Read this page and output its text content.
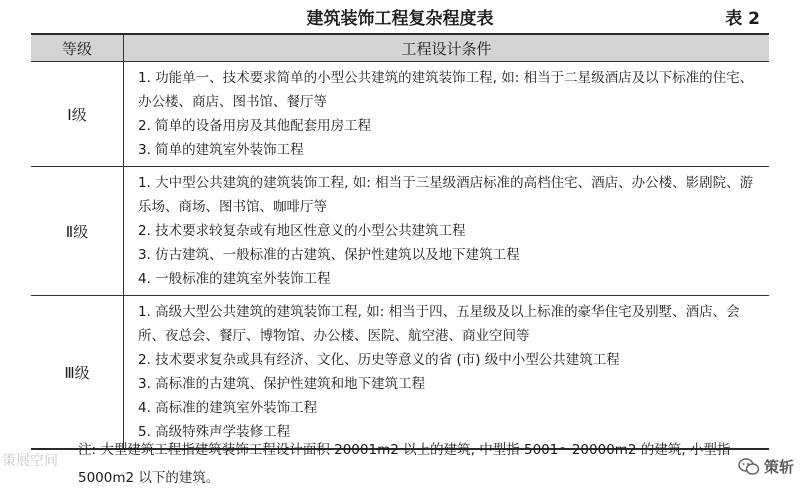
建筑装饰工程复杂程度表	表 2
等级	工程设计条件
Ⅰ级	1. 功能单一、技术要求简单的小型公共建筑的建筑装饰工程, 如: 相当于二星级酒店及以下标准的住宅、办公楼、商店、图书馆、餐厅等
2. 简单的设备用房及其他配套用房工程
3. 简单的建筑室外装饰工程

Ⅱ级	1. 大中型公共建筑的建筑装饰工程, 如: 相当于三星级酒店标准的高档住宅、酒店、办公楼、影剧院、游乐场、商场、图书馆、咖啡厅等
2. 技术要求较复杂或有地区性意义的小型公共建筑工程
3. 仿古建筑、一般标准的古建筑、保护性建筑以及地下建筑工程
4. 一般标准的建筑室外装饰工程

Ⅲ级	1. 高级大型公共建筑的建筑装饰工程, 如: 相当于四、五星级及以上标准的豪华住宅及别墅、酒店、会所、夜总会、餐厅、博物馆、办公楼、医院、航空港、商业空间等
2. 技术要求复杂或具有经济、文化、历史等意义的省 (市) 级中小型公共建筑工程
3. 高标准的古建筑、保护性建筑和地下建筑工程
4. 高标准的建筑室外装饰工程
5. 高级特殊声学装修工程
注: 大型建筑工程指建筑装饰工程设计面积 20001m2 以上的建筑, 中型指 5001～20000m2 的建筑, 小型指 5000m2 以下的建筑。
策展空间	策斩
